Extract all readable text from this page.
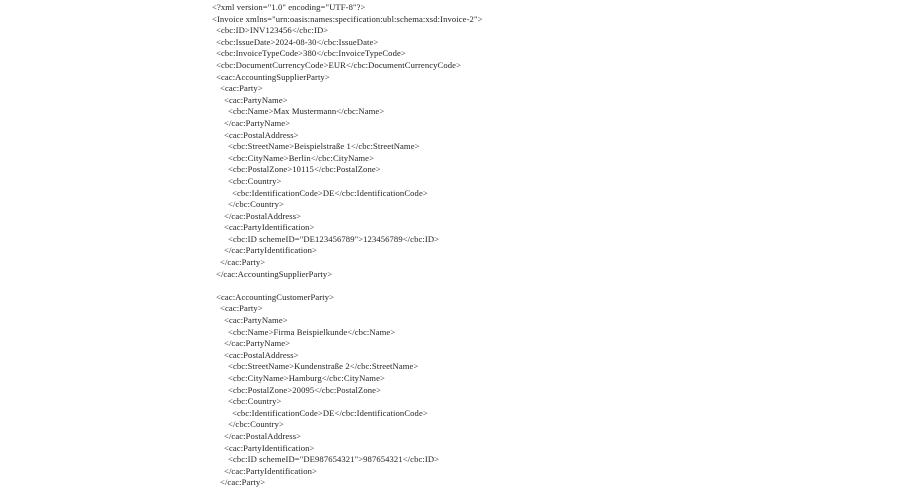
<?xml version="1.0" encoding="UTF-8"?>
<Invoice xmlns="urn:oasis:names:specification:ubl:schema:xsd:Invoice-2">
<cbc:ID>INV123456</cbc:ID>
<cbc:IssueDate>2024-08-30</cbc:IssueDate>
<cbc:InvoiceTypeCode>380</cbc:InvoiceTypeCode>
<cbc:DocumentCurrencyCode>EUR</cbc:DocumentCurrencyCode>
<cac:AccountingSupplierParty>
<cac:Party>
<cac:PartyName>
<cbc:Name>Max Mustermann</cbc:Name>
</cac:PartyName>
<cac:PostalAddress>
<cbc:StreetName>Beispielstraße 1</cbc:StreetName>
<cbc:CityName>Berlin</cbc:CityName>
<cbc:PostalZone>10115</cbc:PostalZone>
<cbc:Country>
<cbc:IdentificationCode>DE</cbc:IdentificationCode>
</cbc:Country>
</cac:PostalAddress>
<cac:PartyIdentification>
<cbc:ID schemeID="DE123456789">123456789</cbc:ID>
</cac:PartyIdentification>
</cac:Party>
</cac:AccountingSupplierParty>
<cac:AccountingCustomerParty>
<cac:Party>
<cac:PartyName>
<cbc:Name>Firma Beispielkunde</cbc:Name>
</cac:PartyName>
<cac:PostalAddress>
<cbc:StreetName>Kundenstraße 2</cbc:StreetName>
<cbc:CityName>Hamburg</cbc:CityName>
<cbc:PostalZone>20095</cbc:PostalZone>
<cbc:Country>
<cbc:IdentificationCode>DE</cbc:IdentificationCode>
</cbc:Country>
</cac:PostalAddress>
<cac:PartyIdentification>
<cbc:ID schemeID="DE987654321">987654321</cbc:ID>
</cac:PartyIdentification>
</cac:Party>
